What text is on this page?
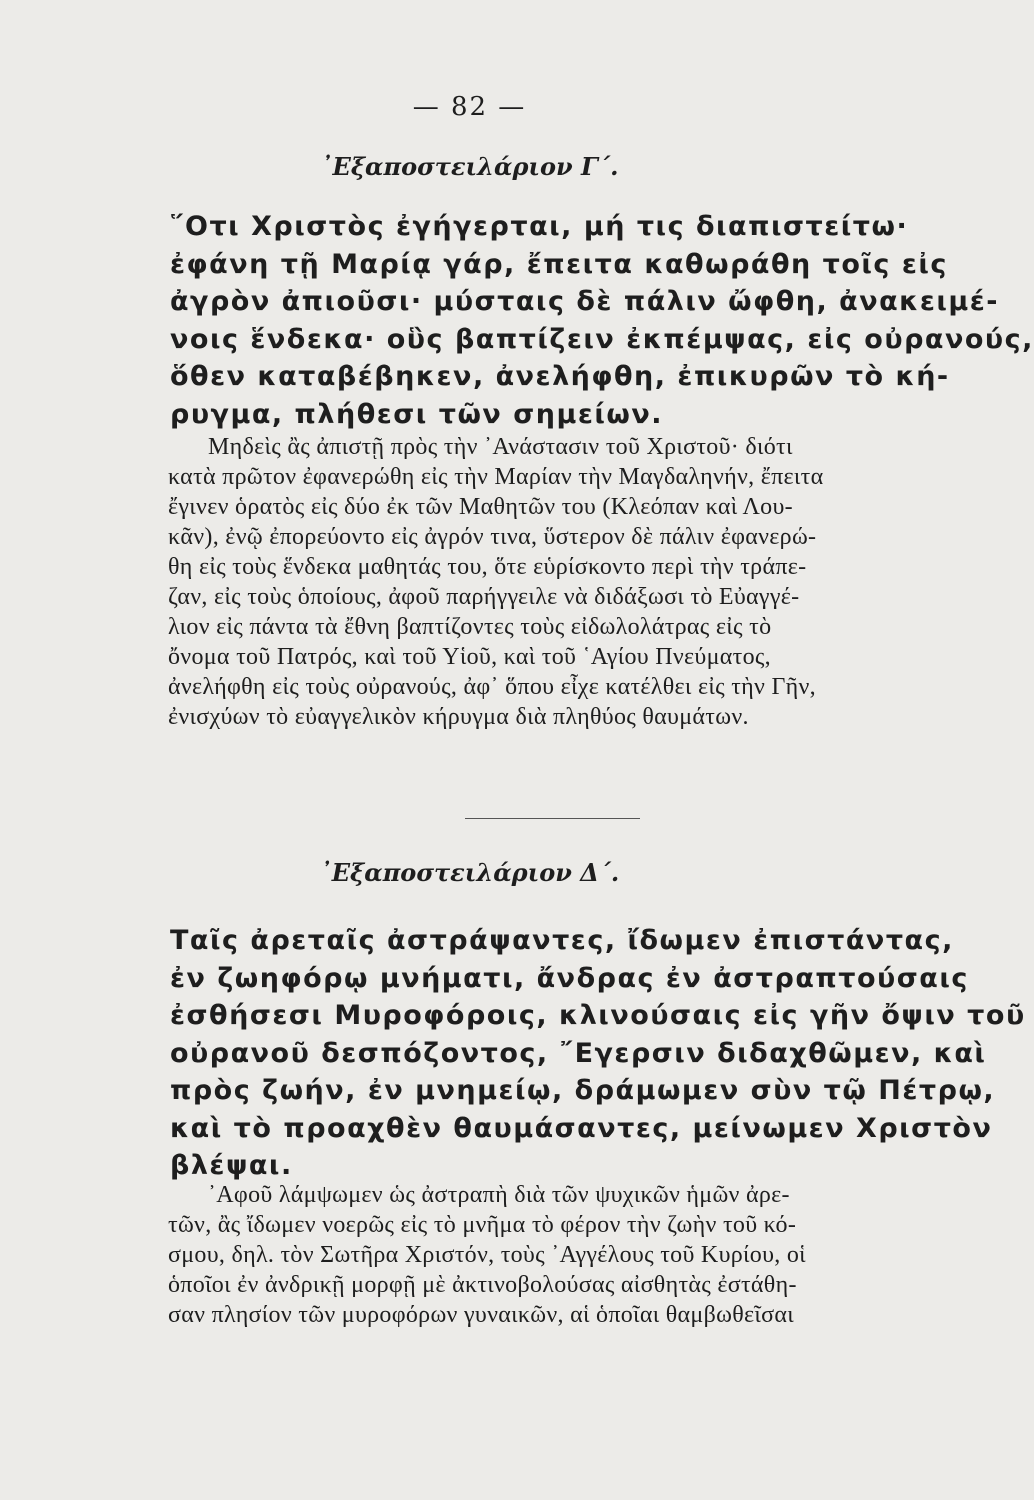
— 82 —
᾿Εξαποστειλάριον Γ΄.
῞Οτι Χριστὸς ἐγήγερται, μή τις διαπιστείτω·
ἐφάνη τῇ Μαρίᾳ γάρ, ἔπειτα καθωράθη τοῖς εἰς
ἀγρὸν ἀπιοῦσι· μύσταις δὲ πάλιν ὤφθη, ἀνακειμέ-
νοις ἕνδεκα· οὓς βαπτίζειν ἐκπέμψας, εἰς οὐρανούς,
ὅθεν καταβέβηκεν, ἀνελήφθη, ἐπικυρῶν τὸ κή-
ρυγμα, πλήθεσι τῶν σημείων.
Μηδεὶς ἂς ἀπιστῇ πρὸς τὴν ᾿Ανάστασιν τοῦ Χριστοῦ· διότι
κατὰ πρῶτον ἐφανερώθη εἰς τὴν Μαρίαν τὴν Μαγδαληνήν, ἔπειτα
ἔγινεν ὁρατὸς εἰς δύο ἐκ τῶν Μαθητῶν του (Κλεόπαν καὶ Λου-
κᾶν), ἐνῷ ἐπορεύοντο εἰς ἀγρόν τινα, ὕστερον δὲ πάλιν ἐφανερώ-
θη εἰς τοὺς ἕνδεκα μαθητάς του, ὅτε εὑρίσκοντο περὶ τὴν τράπε-
ζαν, εἰς τοὺς ὁποίους, ἀφοῦ παρήγγειλε νὰ διδάξωσι τὸ Εὐαγγέ-
λιον εἰς πάντα τὰ ἔθνη βαπτίζοντες τοὺς εἰδωλολάτρας εἰς τὸ
ὄνομα τοῦ Πατρός, καὶ τοῦ Υἱοῦ, καὶ τοῦ ῾Αγίου Πνεύματος,
ἀνελήφθη εἰς τοὺς οὐρανούς, ἀφ᾿ ὅπου εἶχε κατέλθει εἰς τὴν Γῆν,
ἐνισχύων τὸ εὐαγγελικὸν κήρυγμα διὰ πληθύος θαυμάτων.
᾿Εξαποστειλάριον Δ΄.
Ταῖς ἀρεταῖς ἀστράψαντες, ἴδωμεν ἐπιστάντας,
ἐν ζωηφόρῳ μνήματι, ἄνδρας ἐν ἀστραπτούσαις
ἐσθήσεσι Μυροφόροις, κλινούσαις εἰς γῆν ὄψιν τοῦ
οὐρανοῦ δεσπόζοντος, ῎Εγερσιν διδαχθῶμεν, καὶ
πρὸς ζωήν, ἐν μνημείῳ, δράμωμεν σὺν τῷ Πέτρῳ,
καὶ τὸ προαχθὲν θαυμάσαντες, μείνωμεν Χριστὸν
βλέψαι.
᾿Αφοῦ λάμψωμεν ὡς ἀστραπὴ διὰ τῶν ψυχικῶν ἡμῶν ἀρε-
τῶν, ἂς ἴδωμεν νοερῶς εἰς τὸ μνῆμα τὸ φέρον τὴν ζωὴν τοῦ κό-
σμου, δηλ. τὸν Σωτῆρα Χριστόν, τοὺς ᾿Αγγέλους τοῦ Κυρίου, οἱ
ὁποῖοι ἐν ἀνδρικῇ μορφῇ μὲ ἀκτινοβολούσας αἰσθητὰς ἐστάθη-
σαν πλησίον τῶν μυροφόρων γυναικῶν, αἱ ὁποῖαι θαμβωθεῖσαι
